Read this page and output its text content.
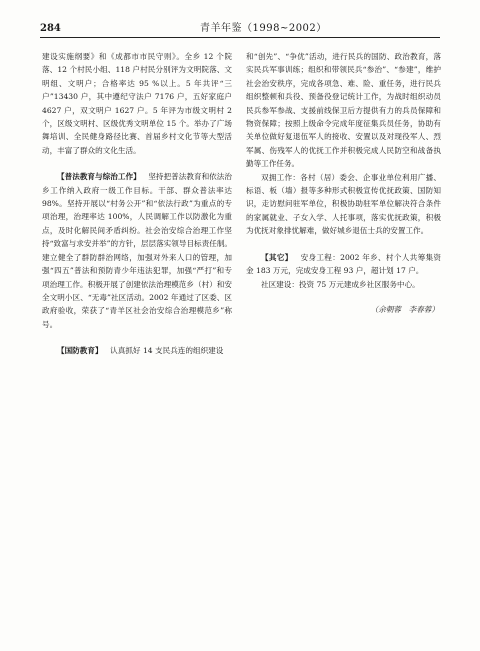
284	青羊年鉴（1998~2002）

建设实施纲要》和《成都市市民守则》。全乡 12 个院落、12 个村民小组、118 户村民分别评为文明院落、文明组、文明户；合格率达 95 %以上。5 年共评“三户”13430 户，其中遵纪守法户 7176 户，五好家庭户 4627 户，双文明户 1627 户。5 年评为市级文明村 2 个，区级文明村、区级优秀文明单位 15 个。举办了广场舞培训、全民健身路径比赛、首届乡村文化节等大型活动，丰富了群众的文化生活。

【普法教育与综治工作】  坚持把普法教育和依法治乡工作纳入政府一级工作目标。干部、群众普法率达 98%。坚持开展以“村务公开”和“依法行政”为重点的专项治理，治理率达 100%，人民调解工作以防激化为重点，及时化解民间矛盾纠纷。社会治安综合治理工作坚持“致富与求安并举”的方针，层层落实领导目标责任制。建立健全了群防群治网络，加强对外来人口的管理，加强“四五”普法和预防青少年违法犯罪，加强“严打”和专项治理工作。积极开展了创建依法治理模范乡（村）和安全文明小区、“无毒”社区活动。2002 年通过了区委、区政府验收，荣获了“青羊区社会治安综合治理模范乡”称号。

【国防教育】  认真抓好 14 支民兵连的组织建设

和“创先”、“争优”活动，进行民兵的国防、政治教育，落实民兵军事训练；组织和带领民兵“参治”、“参建”，维护社会治安秩序，完成各项急、难、险、重任务，进行民兵组织整顿和兵役、预备役登记统计工作，为战时组织动员民兵参军参战、支援前线保卫后方提供有力的兵员保障和物资保障；按照上级命令完成年度征集兵员任务，协助有关单位做好复退伍军人的接收、安置以及对现役军人、烈军属、伤残军人的优抚工作并积极完成人民防空和战备执勤等工作任务。

双拥工作：各村（居）委会、企事业单位利用广播、标语、板（墙）报等多种形式积极宣传优抚政策、国防知识，走访慰问驻军单位，积极协助驻军单位解决符合条件的家属就业、子女入学、人托事项，落实优抚政策，积极为优抚对象排忧解难，做好城乡退伍士兵的安置工作。

【其它】  安身工程：2002 年乡、村个人共筹集资金 183 万元，完成安身工程 93 户，超计划 17 户。

社区建设：投资 75 万元建成乡社区服务中心。

（余朝蓉　李春蓉）
